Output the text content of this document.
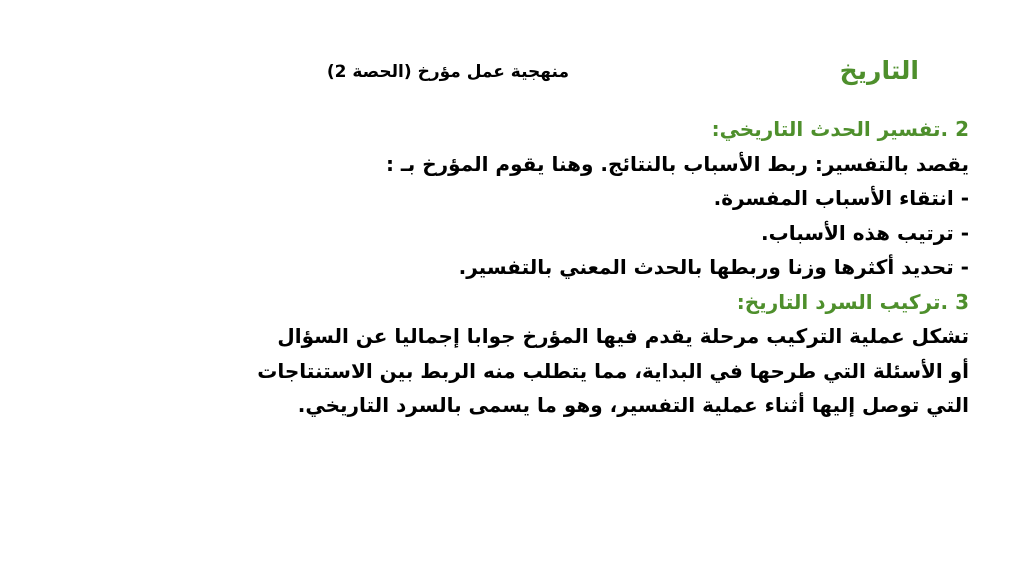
التاريخ
منهجية عمل مؤرخ (الحصة 2)
2 .تفسير الحدث التاريخي:
يقصد بالتفسير: ربط الأسباب بالنتائج. وهنا يقوم المؤرخ بـ :
- انتقاء الأسباب المفسرة.
- ترتيب هذه الأسباب.
- تحديد أكثرها وزنا وربطها بالحدث المعني بالتفسير.
3 .تركيب السرد التاريخ:
تشكل عملية التركيب مرحلة يقدم فيها المؤرخ جوابا إجماليا عن السؤال
أو الأسئلة التي طرحها في البداية، مما يتطلب منه الربط بين الاستنتاجات
التي توصل إليها أثناء عملية التفسير، وهو ما يسمى بالسرد التاريخي.
